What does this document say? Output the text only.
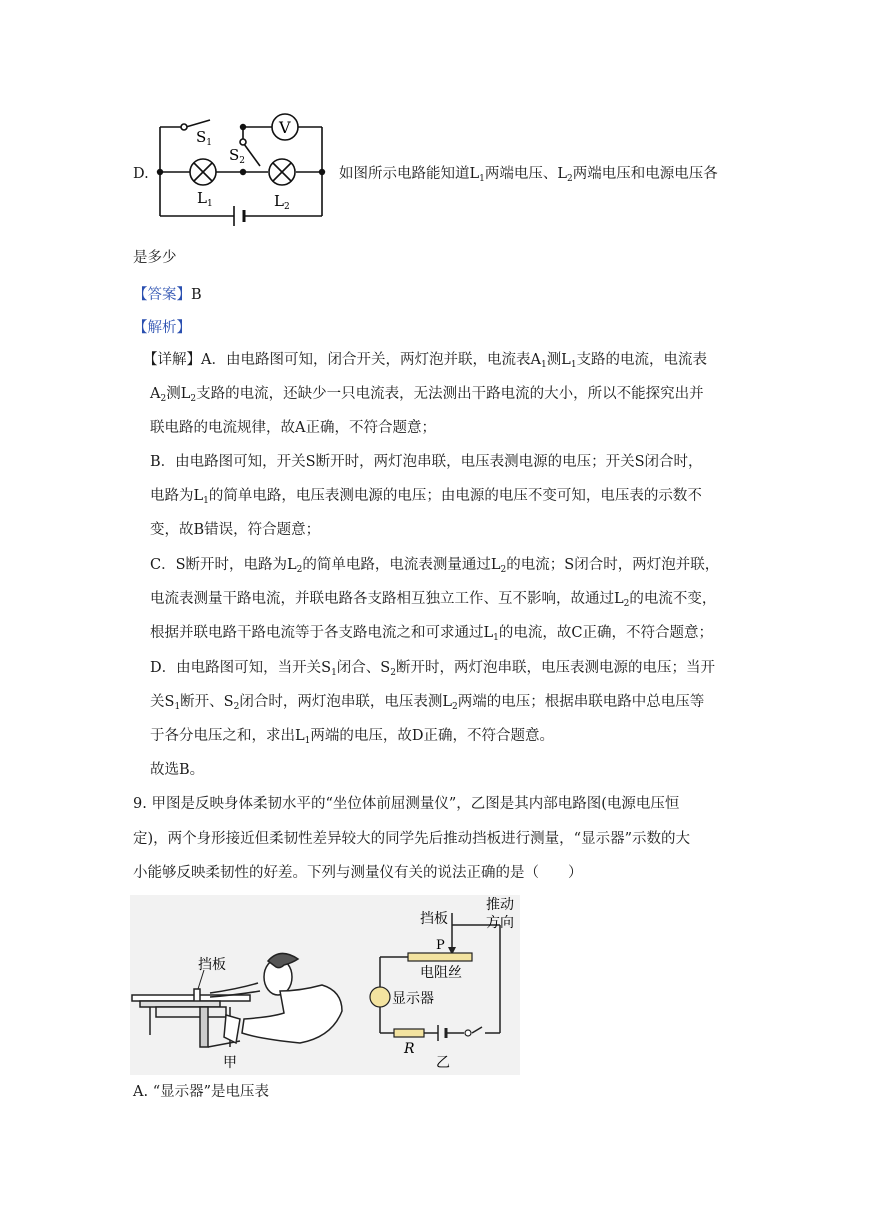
D.
V
$S_1$
$S_2$
$L_1$	$L_2$
如图所示电路能知道$L_1$两端电压、$L_2$两端电压和电源电压各
是多少
【答案】B
【解析】
【详解】A．由电路图可知，闭合开关，两灯泡并联，电流表$A_1$测$L_1$支路的电流，电流表
$A_2$测$L_2$支路的电流，还缺少一只电流表，无法测出干路电流的大小，所以不能探究出并
联电路的电流规律，故A正确，不符合题意；
B．由电路图可知，开关S断开时，两灯泡串联，电压表测电源的电压；开关S闭合时，
电路为$L_1$的简单电路，电压表测电源的电压；由电源的电压不变可知，电压表的示数不
变，故B错误，符合题意；
C．S断开时，电路为$L_2$的简单电路，电流表测量通过$L_2$的电流；S闭合时，两灯泡并联，
电流表测量干路电流，并联电路各支路相互独立工作、互不影响，故通过$L_2$的电流不变，
根据并联电路干路电流等于各支路电流之和可求通过$L_1$的电流，故C正确，不符合题意；
D．由电路图可知，当开关$S_1$闭合、$S_2$断开时，两灯泡串联，电压表测电源的电压；当开
关$S_1$断开、$S_2$闭合时，两灯泡串联，电压表测$L_2$两端的电压；根据串联电路中总电压等
于各分电压之和，求出$L_1$两端的电压，故D正确，不符合题意。
故选B。
9. 甲图是反映身体柔韧水平的“坐位体前屈测量仪”，乙图是其内部电路图(电源电压恒
定)，两个身形接近但柔韧性差异较大的同学先后推动挡板进行测量，“显示器”示数的大
小能够反映柔韧性的好差。下列与测量仪有关的说法正确的是（　　）
挡板
甲
挡板
推动
方向
P
电阻丝
显示器
R
乙
A. “显示器”是电压表
